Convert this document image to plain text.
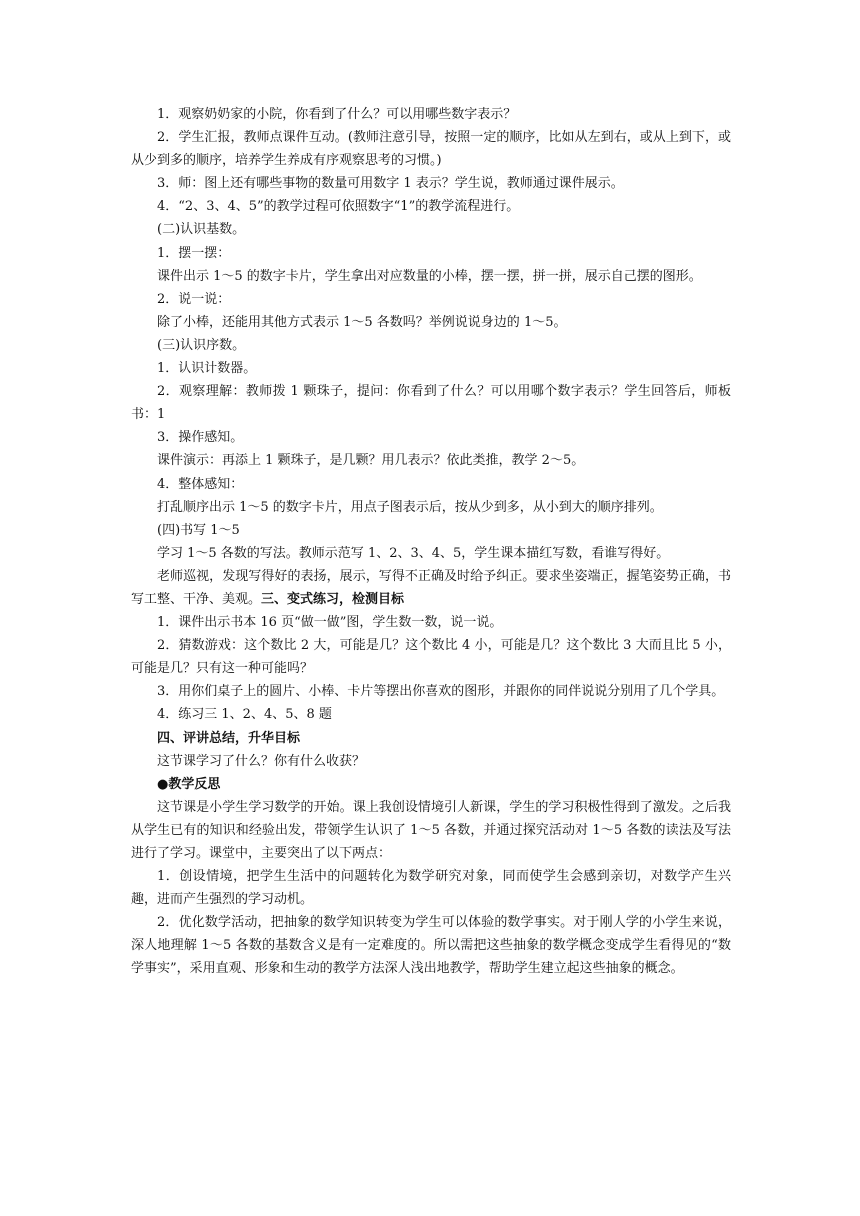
1．观察奶奶家的小院，你看到了什么？可以用哪些数字表示？

2．学生汇报，教师点课件互动。(教师注意引导，按照一定的顺序，比如从左到右，或从上到下，或从少到多的顺序，培养学生养成有序观察思考的习惯。)

3．师：图上还有哪些事物的数量可用数字 1 表示？学生说，教师通过课件展示。

4．“2、3、4、5”的教学过程可依照数字“1”的教学流程进行。

(二)认识基数。

1．摆一摆：

课件出示 1～5 的数字卡片，学生拿出对应数量的小棒，摆一摆，拼一拼，展示自己摆的图形。

2．说一说：

除了小棒，还能用其他方式表示 1～5 各数吗？举例说说身边的 1～5。

(三)认识序数。

1．认识计数器。

2．观察理解：教师拨 1 颗珠子，提问：你看到了什么？可以用哪个数字表示？学生回答后，师板书：1

3．操作感知。

课件演示：再添上 1 颗珠子，是几颗？用几表示？依此类推，教学 2～5。

4．整体感知：

打乱顺序出示 1～5 的数字卡片，用点子图表示后，按从少到多，从小到大的顺序排列。

(四)书写 1～5

学习 1～5 各数的写法。教师示范写 1、2、3、4、5，学生课本描红写数，看谁写得好。

老师巡视，发现写得好的表扬，展示，写得不正确及时给予纠正。要求坐姿端正，握笔姿势正确，书写工整、干净、美观。三、变式练习，检测目标

1．课件出示书本 16 页“做一做”图，学生数一数，说一说。

2．猜数游戏：这个数比 2 大，可能是几？这个数比 4 小，可能是几？这个数比 3 大而且比 5 小，可能是几？只有这一种可能吗？

3．用你们桌子上的圆片、小棒、卡片等摆出你喜欢的图形，并跟你的同伴说说分别用了几个学具。

4．练习三 1、2、4、5、8 题

四、评讲总结，升华目标

这节课学习了什么？你有什么收获？

●教学反思

这节课是小学生学习数学的开始。课上我创设情境引人新课，学生的学习积极性得到了激发。之后我从学生已有的知识和经验出发，带领学生认识了 1～5 各数，并通过探究活动对 1～5 各数的读法及写法进行了学习。课堂中，主要突出了以下两点：

1．创设情境，把学生生活中的问题转化为数学研究对象，同而使学生会感到亲切，对数学产生兴趣，进而产生强烈的学习动机。

2．优化数学活动，把抽象的数学知识转变为学生可以体验的数学事实。对于刚人学的小学生来说，深人地理解 1～5 各数的基数含义是有一定难度的。所以需把这些抽象的数学概念变成学生看得见的“数学事实”，采用直观、形象和生动的教学方法深人浅出地教学，帮助学生建立起这些抽象的概念。
